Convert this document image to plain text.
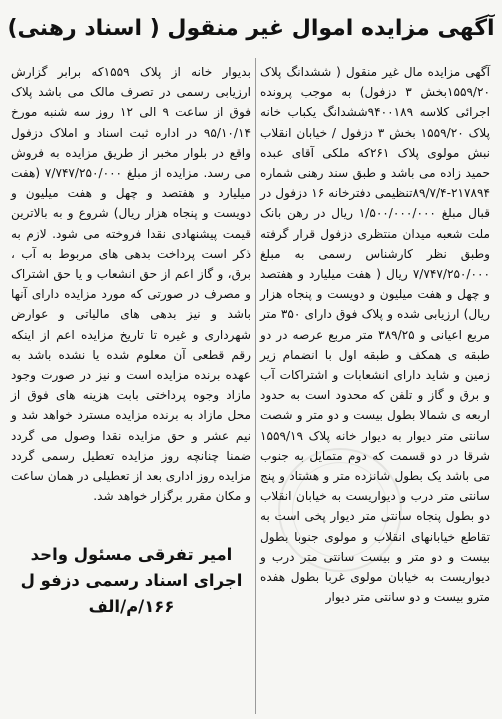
آگهی مزایده اموال غیر منقول ( اسناد رهنی)
آگهی مزایده مال غیر منقول ( ششدانگ پلاک ۱۵۵۹/۲۰بخش ۳ دزفول) به موجب پرونده اجرائی کلاسه ۹۴۰۰۱۸۹ششدانگ یکباب خانه پلاک ۱۵۵۹/۲۰ بخش ۳ دزفول / خیابان انقلاب نبش مولوی پلاک ۲۶۱که ملکی آقای عبده حمید زاده می باشد و طبق سند رهنی شماره ۲۱۷۸۹۴-۸۹/۷/۴تنظیمی دفترخانه ۱۶ دزفول در قبال مبلغ ۱/۵۰۰/۰۰۰/۰۰۰ ریال در رهن بانک ملت شعبه میدان منتظری دزفول قرار گرفته وطبق نظر کارشناس رسمی به مبلغ ۷/۷۴۷/۲۵۰/۰۰۰ ریال ( هفت میلیارد و هفتصد و چهل و هفت میلیون و دویست و پنجاه هزار ریال) ارزیابی شده و پلاک فوق دارای ۳۵۰ متر مربع اعیانی و ۳۸۹/۲۵ متر مربع عرصه در دو طبقه ی همکف و طبقه اول با انضمام زیر زمین و شاید دارای انشعابات و اشتراکات آب و برق و گاز و تلفن که محدود است به حدود اربعه ی شمالا بطول بیست و دو متر و شصت سانتی متر دیوار به دیوار خانه پلاک ۱۵۵۹/۱۹ شرقا در دو قسمت که دوم متمایل به جنوب می باشد یک بطول شانزده متر و هشتاد و پنج سانتی متر درب و دیواریست به خیابان انقلاب دو بطول پنجاه سانتی متر دیوار پخی است به تقاطع خیابانهای انقلاب و مولوی جنوبا بطول بیست و دو متر و بیست سانتی متر درب و دیواریست به خیابان مولوی غربا بطول هفده مترو بیست و دو سانتی متر دیوار
بدیوار خانه از پلاک ۱۵۵۹که برابر گزارش ارزیابی رسمی در تصرف مالک می باشد پلاک فوق از ساعت ۹ الی ۱۲ روز سه شنبه مورخ ۹۵/۱۰/۱۴ در اداره ثبت اسناد و املاک دزفول واقع در بلوار مخبر از طریق مزایده به فروش می رسد. مزایده از مبلغ ۷/۷۴۷/۲۵۰/۰۰۰ (هفت میلیارد و هفتصد و چهل و هفت میلیون و دویست و پنجاه هزار ریال) شروع و به بالاترین قیمت پیشنهادی نقدا فروخته می شود. لازم به ذکر است پرداخت بدهی های مربوط به آب ، برق، و گاز اعم از حق انشعاب و یا حق اشتراک و مصرف در صورتی که مورد مزایده دارای آنها باشد و نیز بدهی های مالیاتی و عوارض شهرداری و غیره تا تاریخ مزایده اعم از اینکه رقم قطعی آن معلوم شده یا نشده باشد به عهده برنده مزایده است و نیز در صورت وجود مازاد وجوه پرداختی بابت هزینه های فوق از محل مازاد به برنده مزایده مسترد خواهد شد و نیم عشر و حق مزایده نقدا وصول می گردد ضمنا چنانچه روز مزایده تعطیل رسمی گردد مزایده روز اداری بعد از تعطیلی در همان ساعت و مکان مقرر برگزار خواهد شد.
امیر تفرقی مسئول واحد
اجرای اسناد رسمی دزفو ل
۱۶۶/م/الف
